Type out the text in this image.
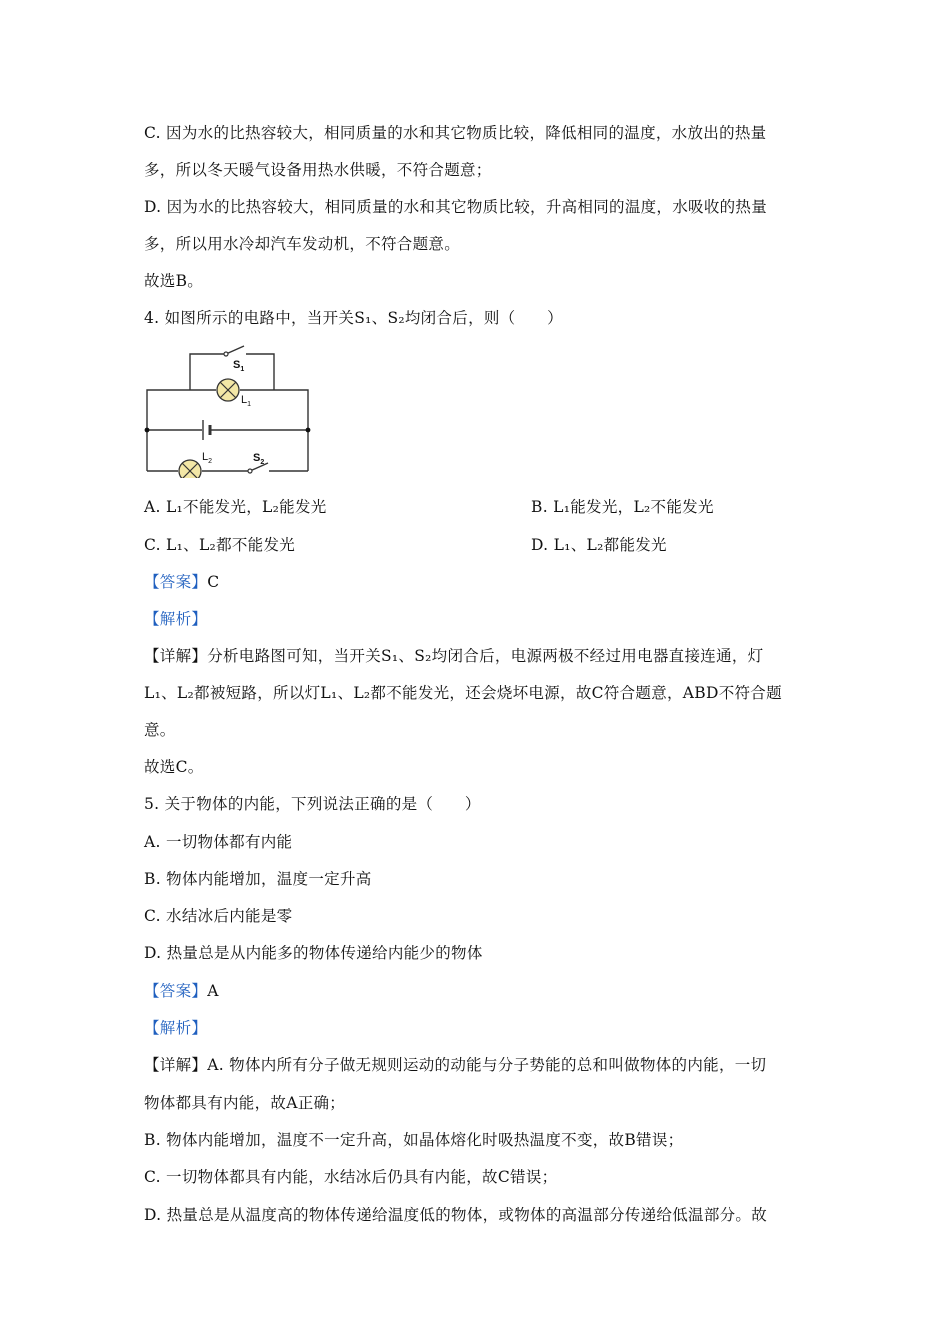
C. 因为水的比热容较大，相同质量的水和其它物质比较，降低相同的温度，水放出的热量
多，所以冬天暖气设备用热水供暖，不符合题意；
D. 因为水的比热容较大，相同质量的水和其它物质比较，升高相同的温度，水吸收的热量
多，所以用水冷却汽车发动机，不符合题意。
故选B。
4. 如图所示的电路中，当开关S₁、S₂均闭合后，则（　　）
$S_1$
$L_1$
$L_2$	$S_2$
A. L₁不能发光，L₂能发光	B. L₁能发光，L₂不能发光
C. L₁、L₂都不能发光	D. L₁、L₂都能发光
【答案】C
【解析】
【详解】分析电路图可知，当开关S₁、S₂均闭合后，电源两极不经过用电器直接连通，灯
L₁、L₂都被短路，所以灯L₁、L₂都不能发光，还会烧坏电源，故C符合题意，ABD不符合题
意。
故选C。
5. 关于物体的内能，下列说法正确的是（　　）
A. 一切物体都有内能
B. 物体内能增加，温度一定升高
C. 水结冰后内能是零
D. 热量总是从内能多的物体传递给内能少的物体
【答案】A
【解析】
【详解】A. 物体内所有分子做无规则运动的动能与分子势能的总和叫做物体的内能，一切
物体都具有内能，故A正确；
B. 物体内能增加，温度不一定升高，如晶体熔化时吸热温度不变，故B错误；
C. 一切物体都具有内能，水结冰后仍具有内能，故C错误；
D. 热量总是从温度高的物体传递给温度低的物体，或物体的高温部分传递给低温部分。故
